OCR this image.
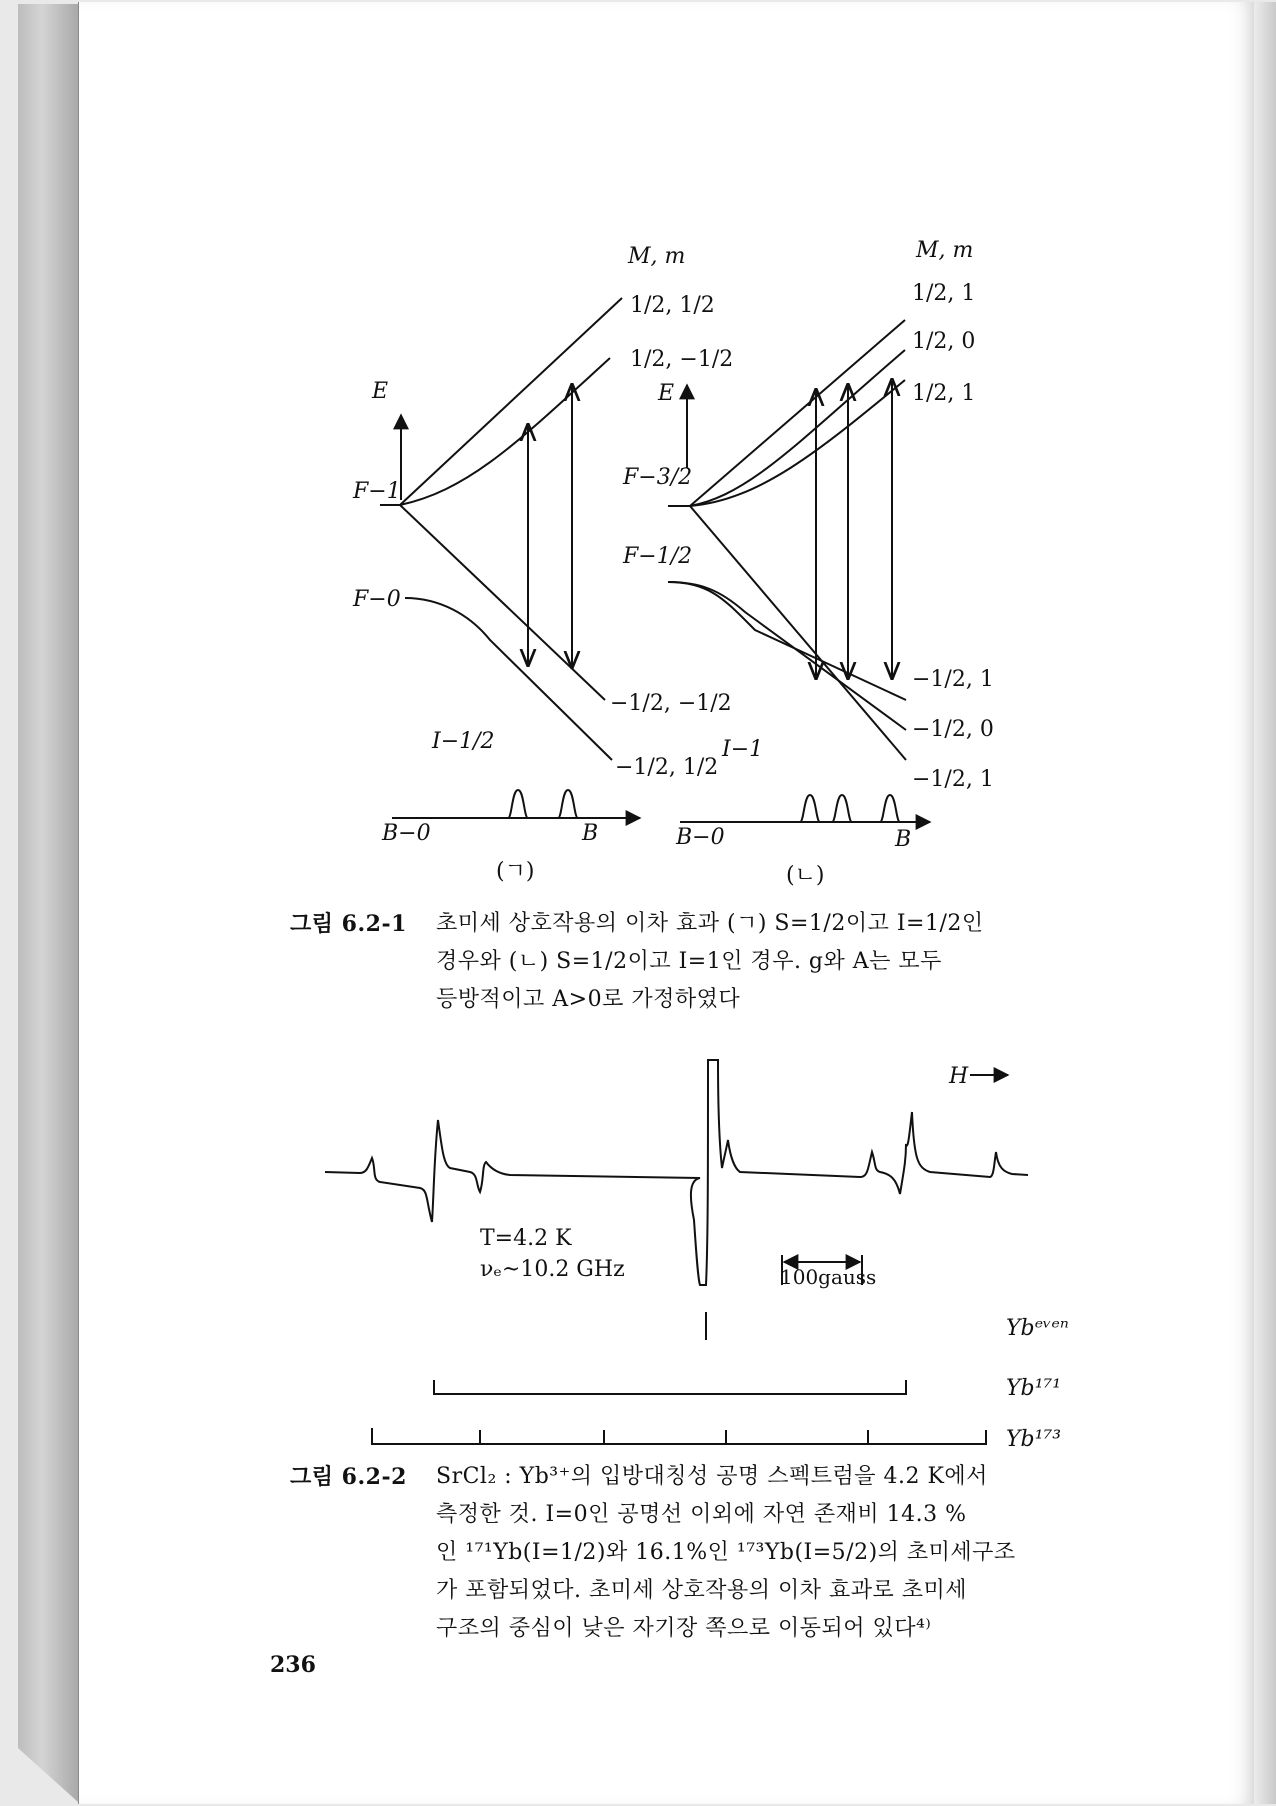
M, m
E
F−1
F−0
1/2, 1/2
1/2, −1/2
−1/2, −1/2
−1/2, 1/2
I−1/2
B−0	B
(ㄱ)
M, m
E
F−3/2
F−1/2
1/2, 1
1/2, 0
1/2, 1
−1/2, 1
−1/2, 0
−1/2, 1
I−1
B−0	B
(ㄴ)
그림 6.2-1 초미세 상호작용의 이차 효과 (ㄱ) S=1/2이고 I=1/2인

경우와 (ㄴ) S=1/2이고 I=1인 경우. g와 A는 모두

등방적이고 A>0로 가정하였다

H
T=4.2 K
νₑ~10.2 GHz	100gauss
Ybᵉᵛᵉⁿ
Yb¹⁷¹
Yb¹⁷³
그림 6.2-2 SrCl₂ : Yb³⁺의 입방대칭성 공명 스펙트럼을 4.2 K에서

측정한 것. I=0인 공명선 이외에 자연 존재비 14.3 %

인 ¹⁷¹Yb(I=1/2)와 16.1%인 ¹⁷³Yb(I=5/2)의 초미세구조

가 포함되었다. 초미세 상호작용의 이차 효과로 초미세

구조의 중심이 낮은 자기장 쪽으로 이동되어 있다⁴⁾

236
